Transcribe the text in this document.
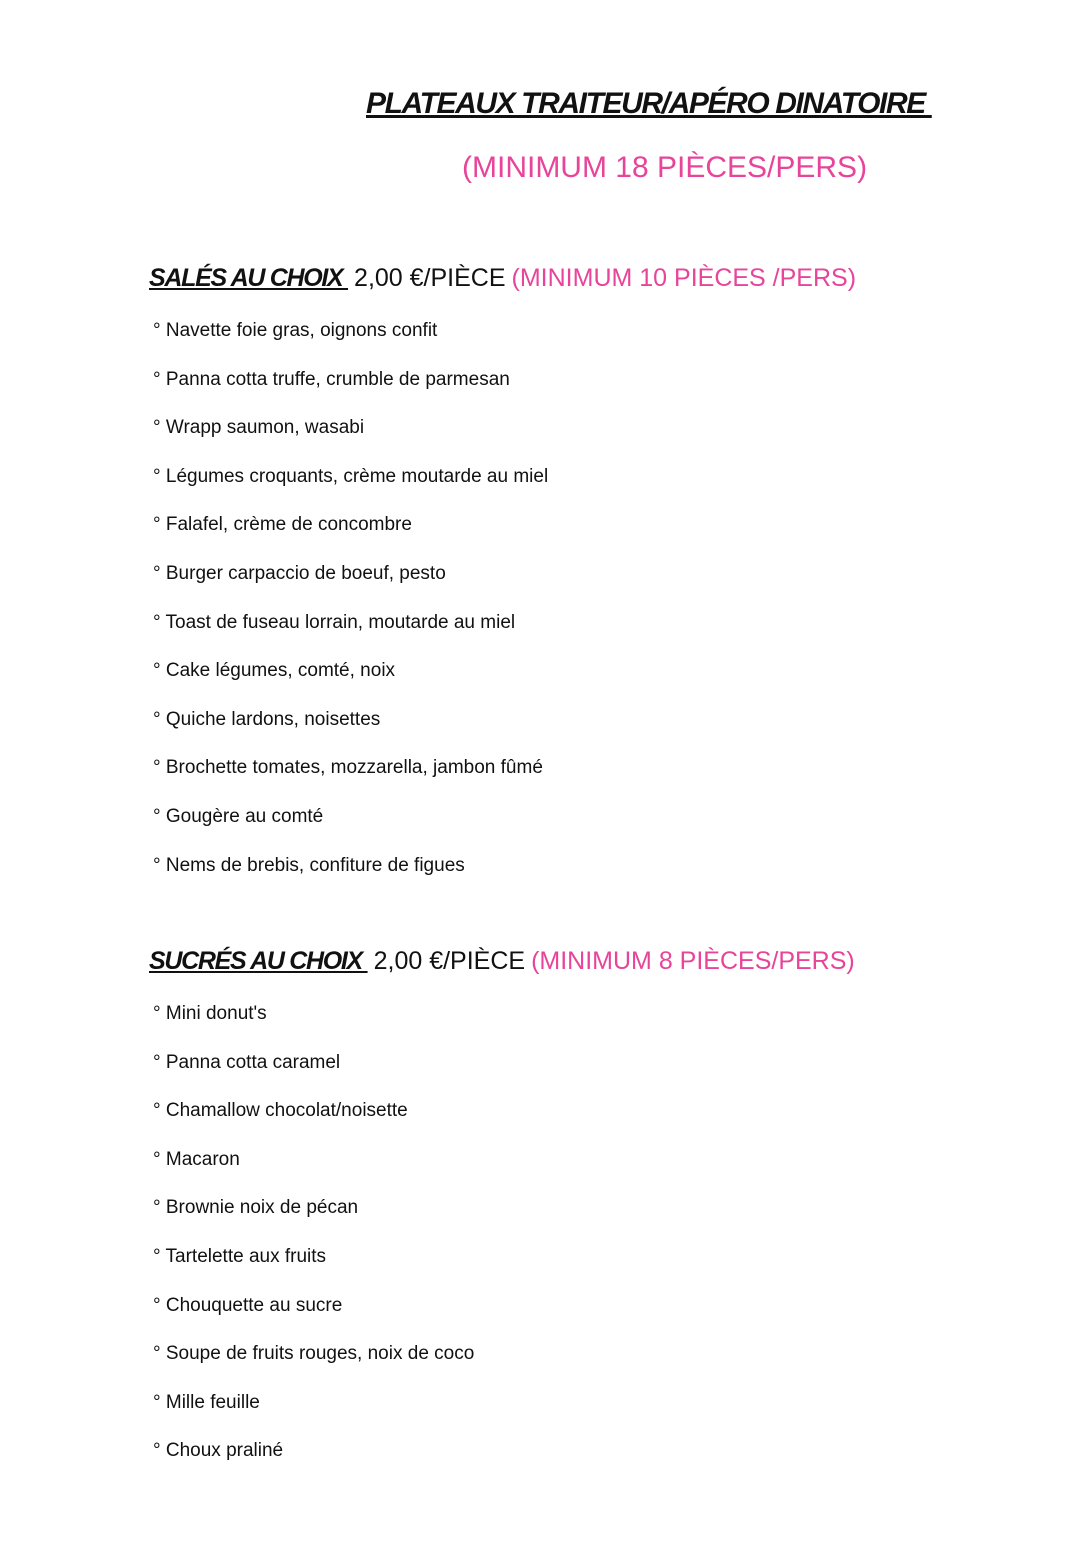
PLATEAUX TRAITEUR/APÉRO DINATOIRE
(MINIMUM 18 PIÈCES/PERS)
SALÉS AU CHOIX 2,00 €/PIÈCE (MINIMUM 10 PIÈCES /PERS)
° Navette foie gras, oignons confit
° Panna cotta truffe, crumble de parmesan
° Wrapp saumon, wasabi
° Légumes croquants, crème moutarde au miel
° Falafel, crème de concombre
° Burger carpaccio de boeuf, pesto
° Toast de fuseau lorrain, moutarde au miel
° Cake légumes, comté, noix
° Quiche lardons, noisettes
° Brochette tomates, mozzarella, jambon fûmé
° Gougère au comté
° Nems de brebis, confiture de figues
SUCRÉS AU CHOIX 2,00 €/PIÈCE (MINIMUM 8 PIÈCES/PERS)
° Mini donut's
° Panna cotta caramel
° Chamallow chocolat/noisette
° Macaron
° Brownie noix de pécan
° Tartelette aux fruits
° Chouquette au sucre
° Soupe de fruits rouges, noix de coco
° Mille feuille
° Choux praliné
